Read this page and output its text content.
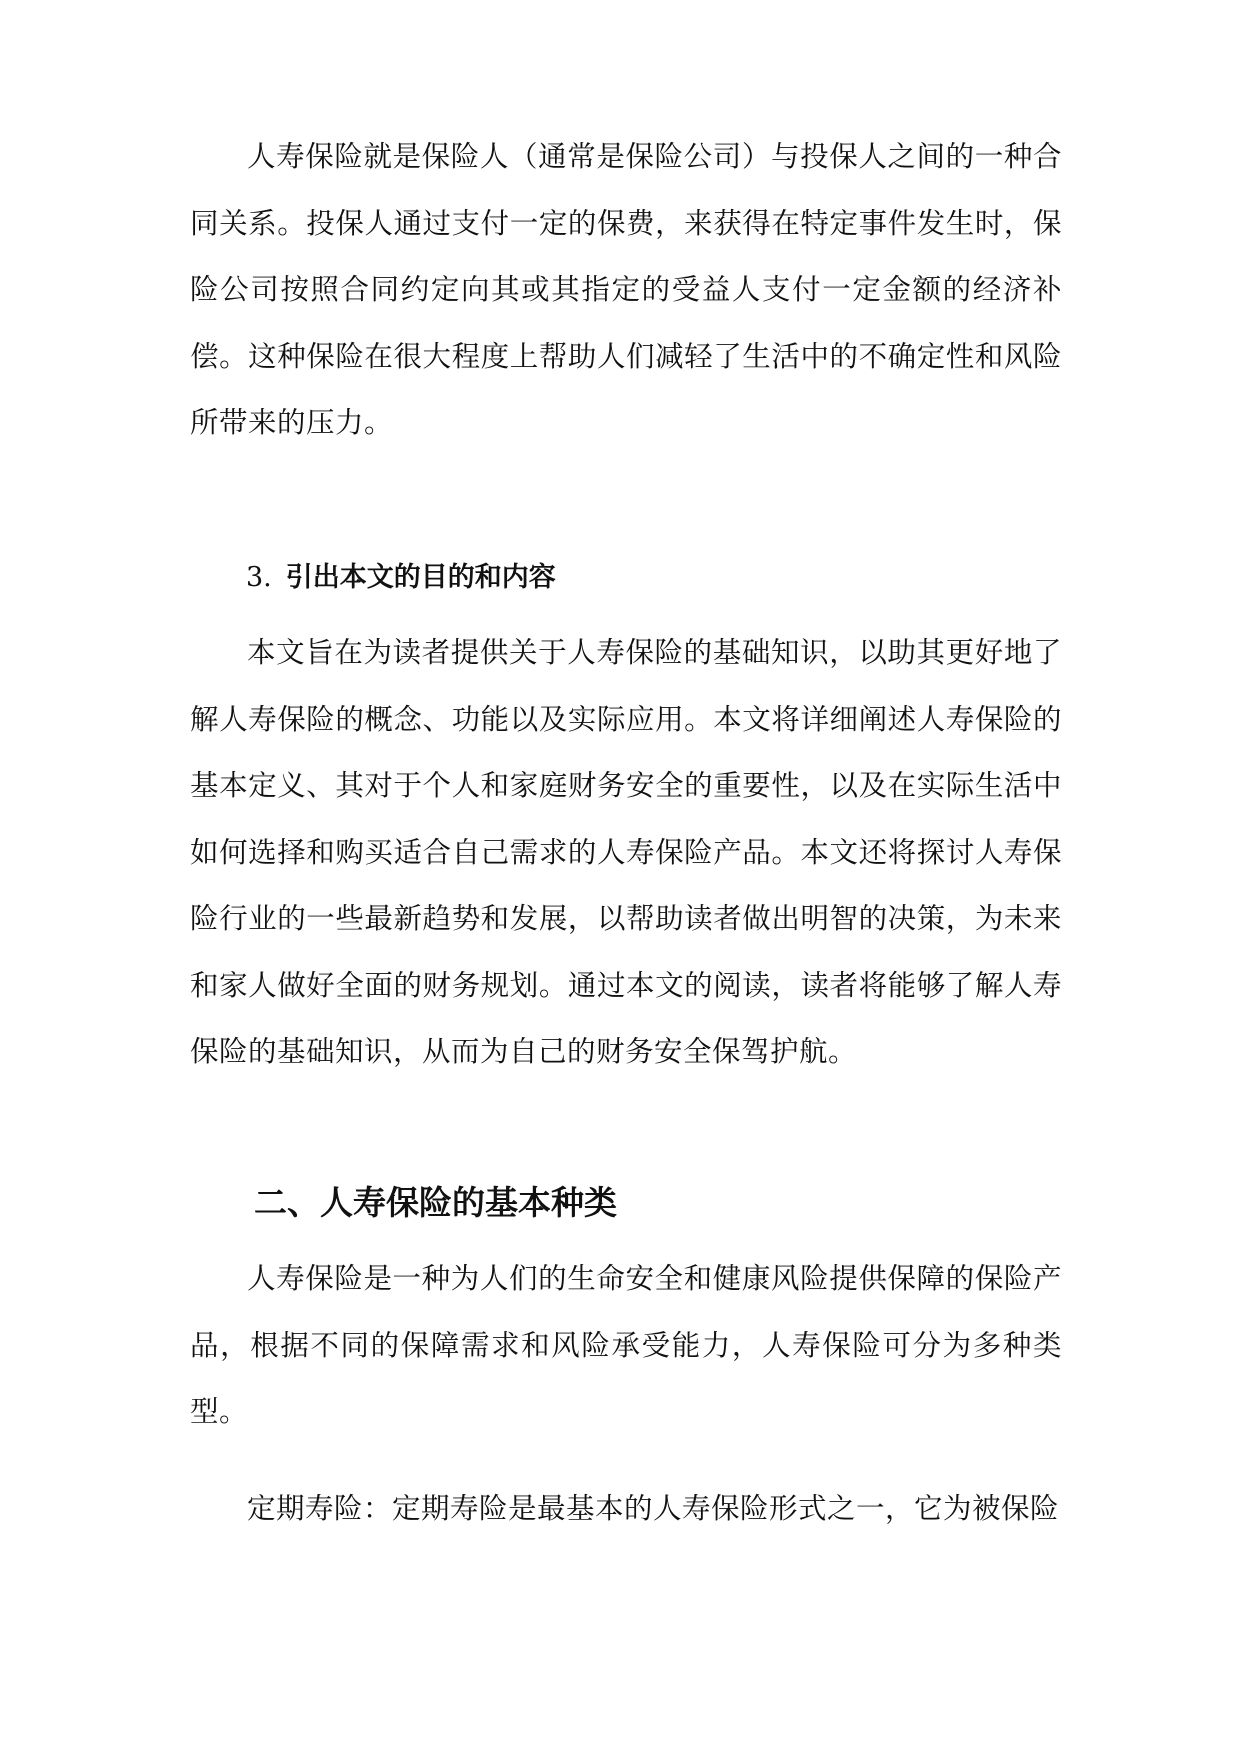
人寿保险就是保险人（通常是保险公司）与投保人之间的一种合同关系。投保人通过支付一定的保费，来获得在特定事件发生时，保险公司按照合同约定向其或其指定的受益人支付一定金额的经济补偿。这种保险在很大程度上帮助人们减轻了生活中的不确定性和风险所带来的压力。

3. 引出本文的目的和内容

本文旨在为读者提供关于人寿保险的基础知识，以助其更好地了解人寿保险的概念、功能以及实际应用。本文将详细阐述人寿保险的基本定义、其对于个人和家庭财务安全的重要性，以及在实际生活中如何选择和购买适合自己需求的人寿保险产品。本文还将探讨人寿保险行业的一些最新趋势和发展，以帮助读者做出明智的决策，为未来和家人做好全面的财务规划。通过本文的阅读，读者将能够了解人寿保险的基础知识，从而为自己的财务安全保驾护航。

二、人寿保险的基本种类

人寿保险是一种为人们的生命安全和健康风险提供保障的保险产品，根据不同的保障需求和风险承受能力，人寿保险可分为多种类型。

定期寿险：定期寿险是最基本的人寿保险形式之一，它为被保险
